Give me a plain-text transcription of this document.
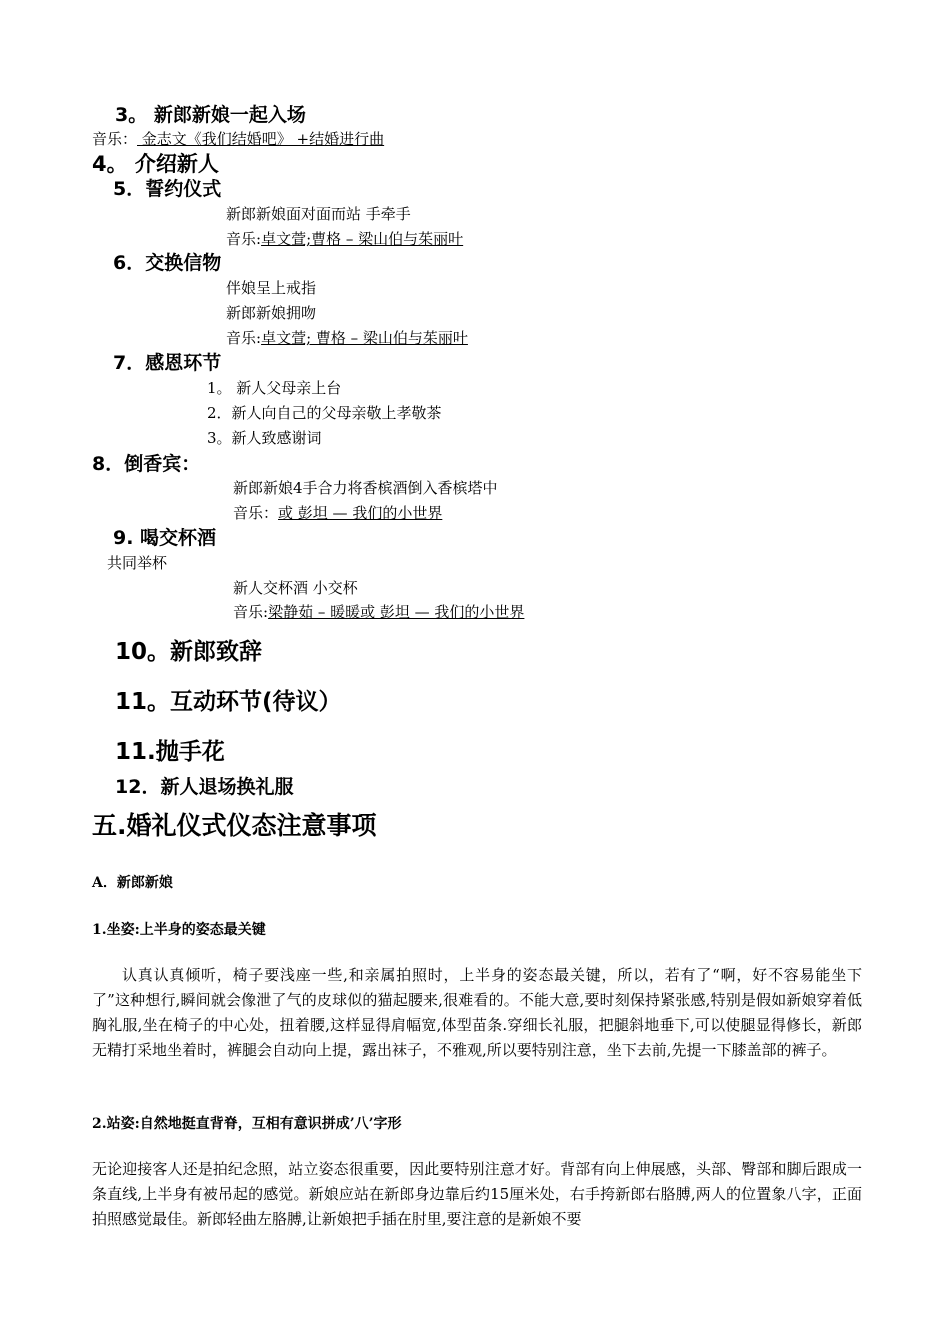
3。 新郎新娘一起入场
音乐： 金志文《我们结婚吧》 +结婚进行曲
4。 介绍新人
5．誓约仪式
新郎新娘面对面而站 手牵手
音乐:卓文萱;曹格 – 梁山伯与茱丽叶
6．交换信物
伴娘呈上戒指
新郎新娘拥吻
音乐:卓文萱; 曹格 – 梁山伯与茱丽叶
7．感恩环节
1。 新人父母亲上台
2．新人向自己的父母亲敬上孝敬茶
3。新人致感谢词
8．倒香宾：
新郎新娘4手合力将香槟酒倒入香槟塔中
音乐：或 彭坦 — 我们的小世界
9. 喝交杯酒
共同举杯
新人交杯酒 小交杯
音乐:梁静茹 – 暖暖或 彭坦 — 我们的小世界
10。新郎致辞
11。互动环节(待议）
11.抛手花
12．新人退场换礼服
五.婚礼仪式仪态注意事项
A．新郎新娘
1.坐姿:上半身的姿态最关键
认真认真倾听，椅子要浅座一些,和亲属拍照时，上半身的姿态最关键，所以，若有了“啊，好不容易能坐下了”这种想行,瞬间就会像泄了气的皮球似的猫起腰来,很难看的。不能大意,要时刻保持紧张感,特别是假如新娘穿着低胸礼服,坐在椅子的中心处，扭着腰,这样显得肩幅宽,体型苗条.穿细长礼服，把腿斜地垂下,可以使腿显得修长，新郎无精打采地坐着时，裤腿会自动向上提，露出袜子，不雅观,所以要特别注意，坐下去前,先提一下膝盖部的裤子。
2.站姿:自然地挺直背脊，互相有意识拼成’八’字形
无论迎接客人还是拍纪念照，站立姿态很重要，因此要特别注意才好。背部有向上伸展感，头部、臀部和脚后跟成一条直线,上半身有被吊起的感觉。新娘应站在新郎身边靠后约15厘米处，右手挎新郎右胳膊,两人的位置象八字，正面拍照感觉最佳。新郎轻曲左胳膊,让新娘把手插在肘里,要注意的是新娘不要
